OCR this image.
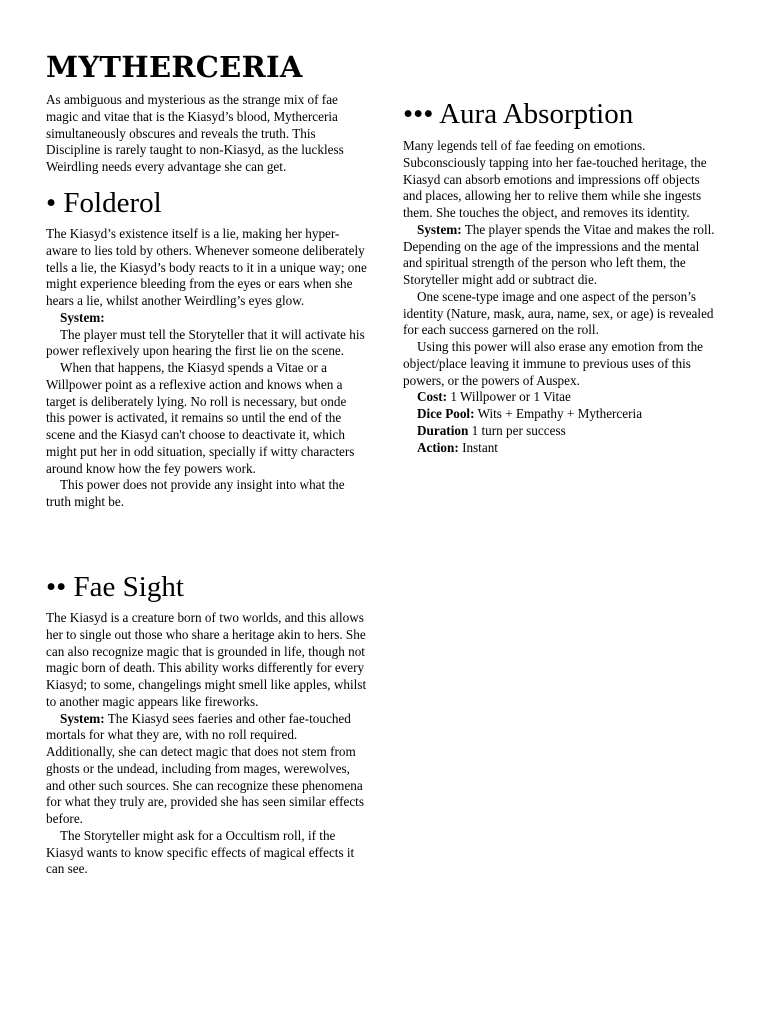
MYTHERCERIA

As ambiguous and mysterious as the strange mix of fae magic and vitae that is the Kiasyd’s blood, Mytherceria simultaneously obscures and reveals the truth. This Discipline is rarely taught to non-Kiasyd, as the luckless Weirdling needs every advantage she can get.

• Folderol

The Kiasyd’s existence itself is a lie, making her hyper-aware to lies told by others. Whenever someone deliberately tells a lie, the Kiasyd’s body reacts to it in a unique way; one might experience bleeding from the eyes or ears when she hears a lie, whilst another Weirdling’s eyes glow.

System:

The player must tell the Storyteller that it will activate his power reflexively upon hearing the first lie on the scene.

When that happens, the Kiasyd spends a Vitae or a Willpower point as a reflexive action and knows when a target is deliberately lying. No roll is necessary, but onde this power is activated, it remains so until the end of the scene and the Kiasyd can't choose to deactivate it, which might put her in odd situation, specially if witty characters around know how the fey powers work.

This power does not provide any insight into what the truth might be.

•• Fae Sight

The Kiasyd is a creature born of two worlds, and this allows her to single out those who share a heritage akin to hers. She can also recognize magic that is grounded in life, though not magic born of death. This ability works differently for every Kiasyd; to some, changelings might smell like apples, whilst to another magic appears like fireworks.

System: The Kiasyd sees faeries and other fae-touched mortals for what they are, with no roll required. Additionally, she can detect magic that does not stem from ghosts or the undead, including from mages, werewolves, and other such sources. She can recognize these phenomena for what they truly are, provided she has seen similar effects before.

The Storyteller might ask for a Occultism roll, if the Kiasyd wants to know specific effects of magical effects it can see.

••• Aura Absorption

Many legends tell of fae feeding on emotions. Subconsciously tapping into her fae-touched heritage, the Kiasyd can absorb emotions and impressions off objects and places, allowing her to relive them while she ingests them. She touches the object, and removes its identity.

System: The player spends the Vitae and makes the roll. Depending on the age of the impressions and the mental and spiritual strength of the person who left them, the Storyteller might add or subtract die.

One scene-type image and one aspect of the person’s identity (Nature, mask, aura, name, sex, or age) is revealed for each success garnered on the roll.

Using this power will also erase any emotion from the object/place leaving it immune to previous uses of this powers, or the powers of Auspex.

Cost: 1 Willpower or 1 Vitae

Dice Pool: Wits + Empathy + Mytherceria

Duration 1 turn per success

Action: Instant
